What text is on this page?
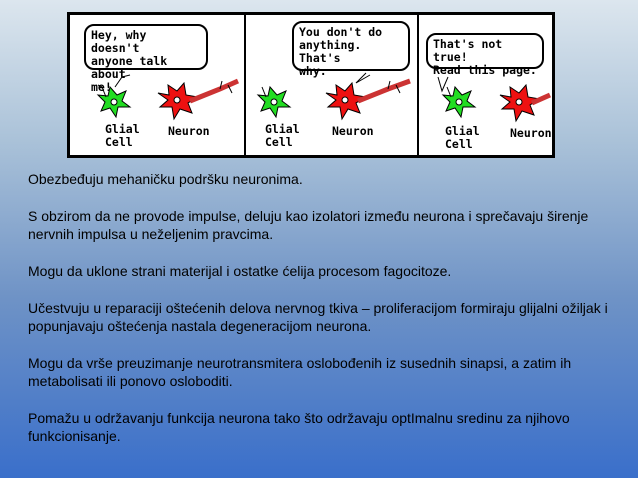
Hey, why doesn't
anyone talk about
me!
You don't do
anything. That's
why.
That's not true!
Read this page.
Glial
Cell
Neuron	Glial
Cell
Neuron	Glial
Cell
Neuron

Obezbeđuju mehaničku podršku neuronima.

S obzirom da ne provode impulse, deluju kao izolatori između neurona i sprečavaju širenje nervnih impulsa u neželjenim pravcima.

Mogu da uklone strani materijal i ostatke ćelija procesom fagocitoze.

Učestvuju u reparaciji oštećenih delova nervnog tkiva – proliferacijom formiraju glijalni ožiljak i popunjavaju oštećenja nastala degeneracijom neurona.

Mogu da vrše preuzimanje neurotransmitera oslobođenih iz susednih sinapsi, a zatim ih metabolisati ili ponovo osloboditi.

Pomažu u održavanju funkcija neurona tako što održavaju optImalnu sredinu za njihovo funkcionisanje.
